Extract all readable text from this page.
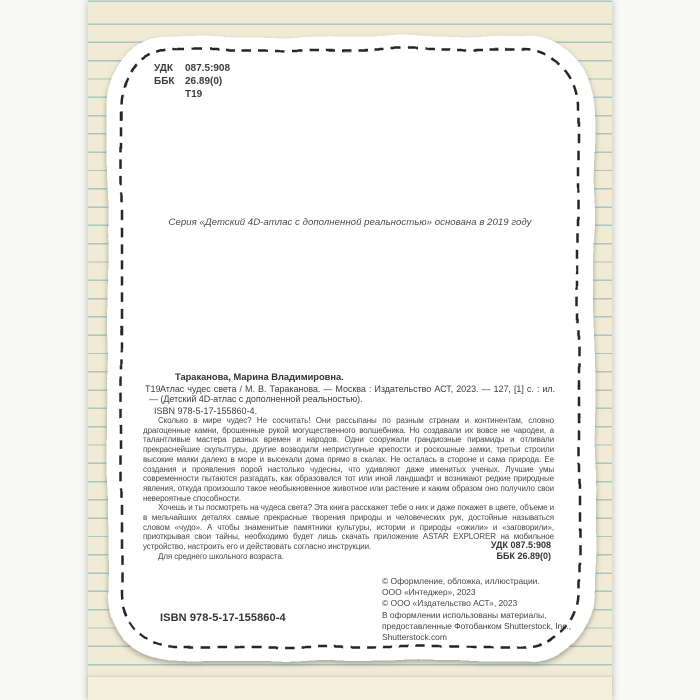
УДК	087.5:908
ББК 26.89(0)
Т19
Серия «Детский 4D-атлас с дополненной реальностью» основана в 2019 году
Тараканова, Марина Владимировна.
Т19 Атлас чудес света / М. В. Тараканова. — Москва : Издательство АСТ, 2023. — 127, [1] с. : ил. — (Детский 4D-атлас с дополненной реальностью).
ISBN 978-5-17-155860-4.

Сколько в мире чудес? Не сосчитать! Они рассыпаны по разным странам и континентам, словно драгоценные камни, брошенные рукой могущественного волшебника. Но создавали их вовсе не чародеи, а талантливые мастера разных времен и народов. Одни сооружали грандиозные пирамиды и отливали прекраснейшие скульптуры, другие возводили неприступные крепости и роскошные замки, третьи строили высокие маяки далеко в море и высекали дома прямо в скалах. Не осталась в стороне и сама природа. Ее создания и проявления порой настолько чудесны, что удивляют даже именитых ученых. Лучшие умы современности пытаются разгадать, как образовался тот или иной ландшафт и возникают редкие природные явления, откуда произошло такое необыкновенное животное или растение и каким образом оно получило свои невероятные способности.

Хочешь и ты посмотреть на чудеса света? Эта книга расскажет тебе о них и даже покажет в цвете, объеме и в мельчайших деталях самые прекрасные творения природы и человеческих рук, достойные называться словом «чудо». А чтобы знаменитые памятники культуры, истории и природы «ожили» и «заговорили», приоткрывая свои тайны, необходимо будет лишь скачать приложение ASTAR EXPLORER на мобильное устройство, настроить его и действовать согласно инструкции.

Для среднего школьного возраста.
УДК 087.5:908
ББК 26.89(0)
© Оформление, обложка, иллюстрации.
ООО «Интеджер», 2023
© ООО «Издательство АСТ», 2023
В оформлении использованы материалы,
предоставленные Фотобанком Shutterstock, Inc.,
Shutterstock.com
ISBN 978-5-17-155860-4
